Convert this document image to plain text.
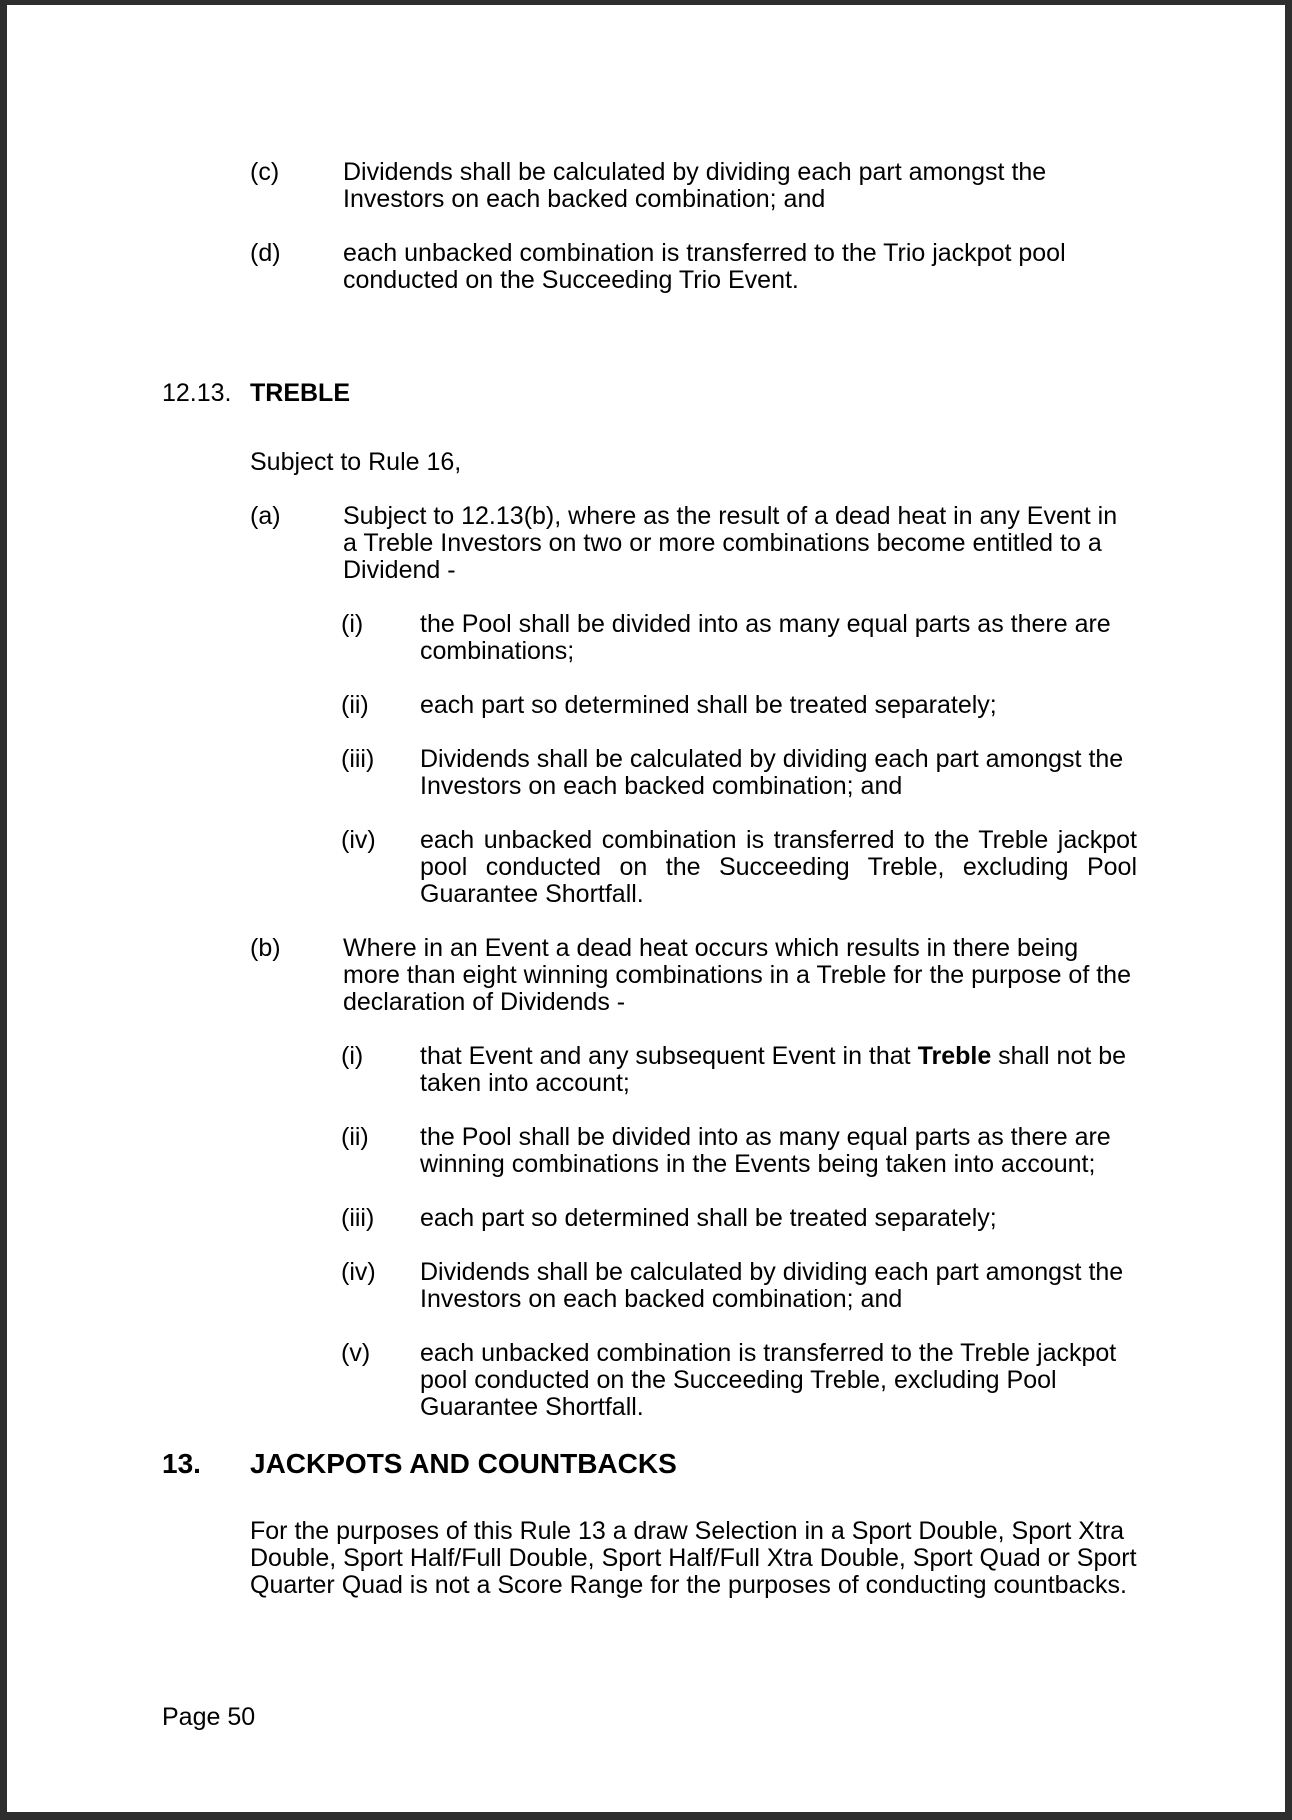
(c)	Dividends shall be calculated by dividing each part amongst the Investors on each backed combination; and
(d)	each unbacked combination is transferred to the Trio jackpot pool conducted on the Succeeding Trio Event.
12.13. TREBLE
Subject to Rule 16,
(a)	Subject to 12.13(b), where as the result of a dead heat in any Event in a Treble Investors on two or more combinations become entitled to a Dividend -
(i)	the Pool shall be divided into as many equal parts as there are combinations;
(ii)	each part so determined shall be treated separately;
(iii)	Dividends shall be calculated by dividing each part amongst the Investors on each backed combination; and
(iv)	each unbacked combination is transferred to the Treble jackpot pool conducted on the Succeeding Treble, excluding Pool Guarantee Shortfall.
(b)	Where in an Event a dead heat occurs which results in there being more than eight winning combinations in a Treble for the purpose of the declaration of Dividends -
(i)	that Event and any subsequent Event in that Treble shall not be taken into account;
(ii)	the Pool shall be divided into as many equal parts as there are winning combinations in the Events being taken into account;
(iii)	each part so determined shall be treated separately;
(iv)	Dividends shall be calculated by dividing each part amongst the Investors on each backed combination; and
(v)	each unbacked combination is transferred to the Treble jackpot pool conducted on the Succeeding Treble, excluding Pool Guarantee Shortfall.
13.	JACKPOTS AND COUNTBACKS
For the purposes of this Rule 13 a draw Selection in a Sport Double, Sport Xtra Double, Sport Half/Full Double, Sport Half/Full Xtra Double, Sport Quad or Sport Quarter Quad is not a Score Range for the purposes of conducting countbacks.
Page 50
